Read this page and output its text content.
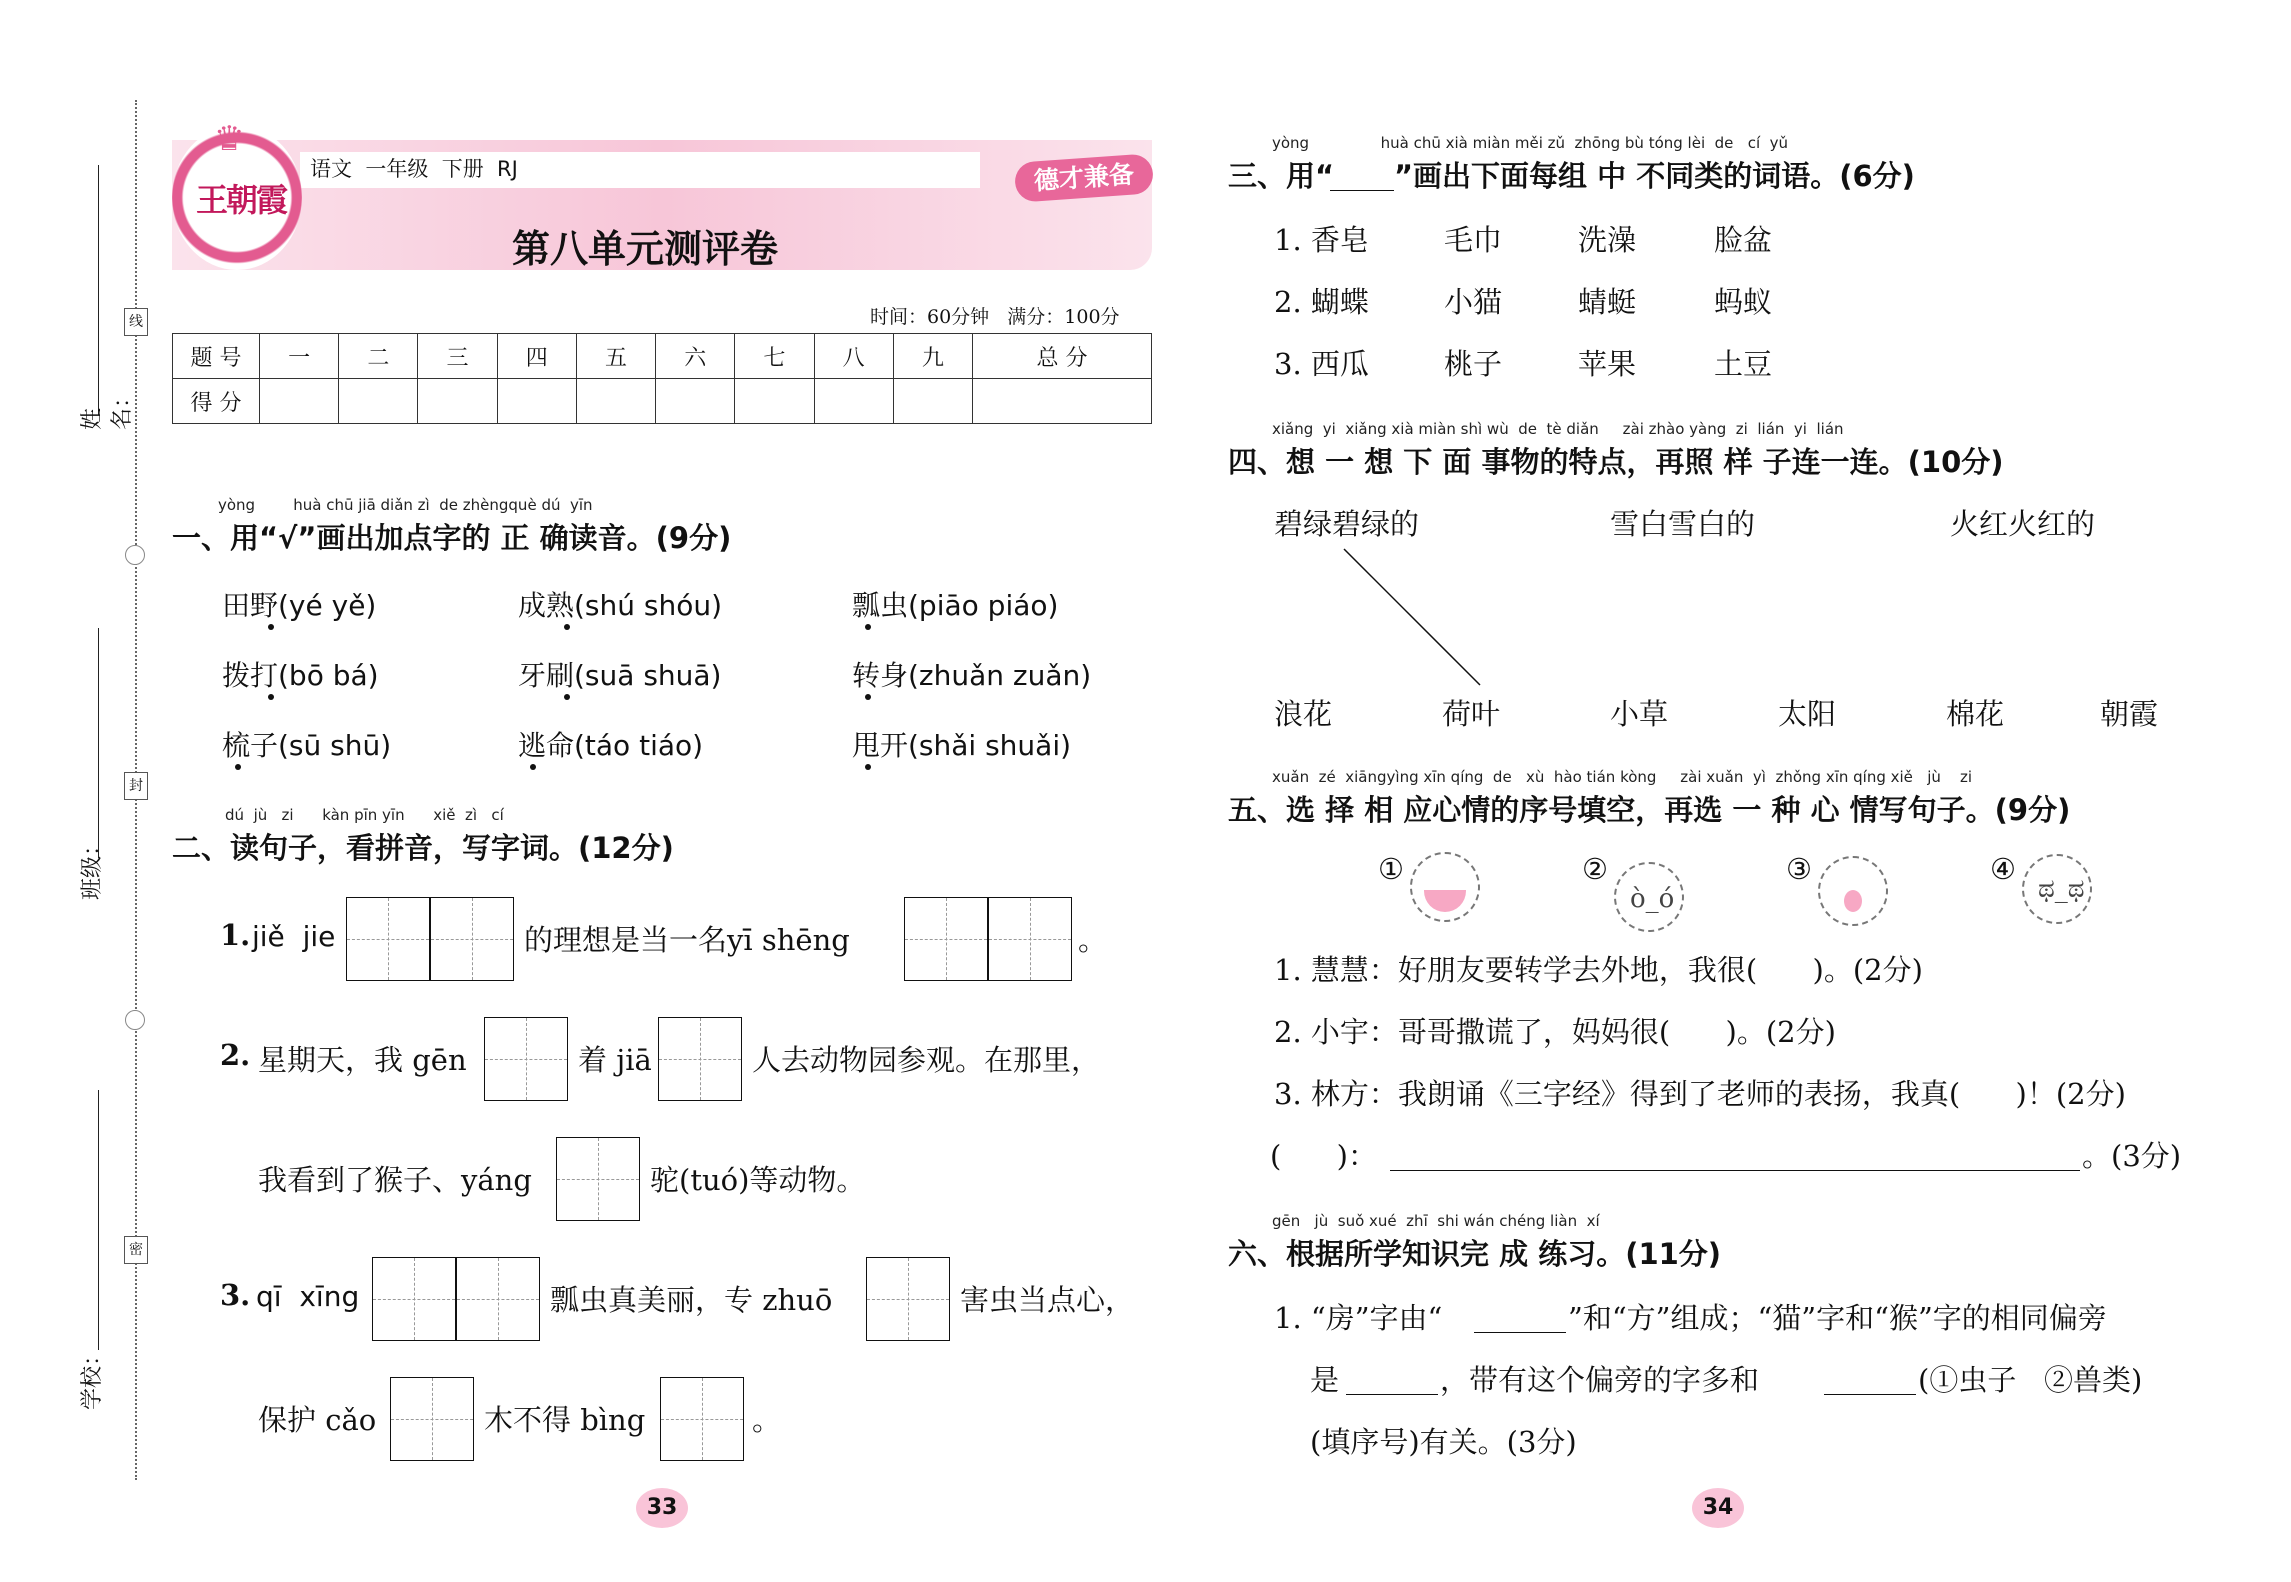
姓名：
班级：
学校：
线
封
密
♛
王朝霞
语文  一年级  下册  RJ	德才兼备
第八单元测评卷
时间：60分钟   满分：100分
题 号	一	二	三	四	五	六	七	八	九	总 分
得 分										
yòng        huà chū jiā diǎn zì  de zhèngquè dú  yīn
一、用“√”画出加点字的 正 确读音。(9分)
田野(yé yě)	成熟(shú shóu)	瓢虫(piāo piáo)
拨打(bō bá)	牙刷(suā shuā)	转身(zhuǎn zuǎn)
梳子(sū shū)	逃命(táo tiáo)	甩开(shǎi shuǎi)
dú  jù   zi      kàn pīn yīn      xiě  zì   cí
二、读句子，看拼音，写字词。(12分)
1. jiě  jie	的理想是当一名yī shēng	。
2. 星期天，我 gēn	着 jiā	人去动物园参观。在那里，
我看到了猴子、yáng	驼(tuó)等动物。
3. qī  xīng	瓢虫真美丽，专 zhuō	害虫当点心，
保护 cǎo	木不得 bìng	。
33	34
yòng               huà chū xià miàn měi zǔ  zhōng bù tóng lèi  de   cí  yǔ
三、用“ ”画出下面每组 中 不同类的词语。(6分)
1. 香皂	毛巾	洗澡	脸盆
2. 蝴蝶	小猫	蜻蜓	蚂蚁
3. 西瓜	桃子	苹果	土豆
xiǎng  yi  xiǎng xià miàn shì wù  de  tè diǎn     zài zhào yàng  zi  lián  yi  lián
四、想 一 想 下 面 事物的特点，再照 样 子连一连。(10分)
碧绿碧绿的	雪白雪白的	火红火红的
浪花	荷叶	小草	太阳	棉花	朝霞
xuǎn  zé  xiāngyìng xīn qíng  de   xù  hào tián kòng     zài xuǎn  yì  zhǒng xīn qíng xiě   jù    zi
五、选 择 相 应心情的序号填空，再选 一 种 心 情写句子。(9分)
①	②
ò_ó
③	④
ಥ_ಥ
1. 慧慧：好朋友要转学去外地，我很(      )。(2分)
2. 小宇：哥哥撒谎了，妈妈很(      )。(2分)
3. 林方：我朗诵《三字经》得到了老师的表扬，我真(      )！(2分)
(      )：	。(3分)
gēn   jù  suǒ xué  zhī  shi wán chéng liàn  xí
六、根据所学知识完 成 练习。(11分)
1. “房”字由“	”和“方”组成；“猫”字和“猴”字的相同偏旁
是	，带有这个偏旁的字多和	(①虫子   ②兽类)
(填序号)有关。(3分)
